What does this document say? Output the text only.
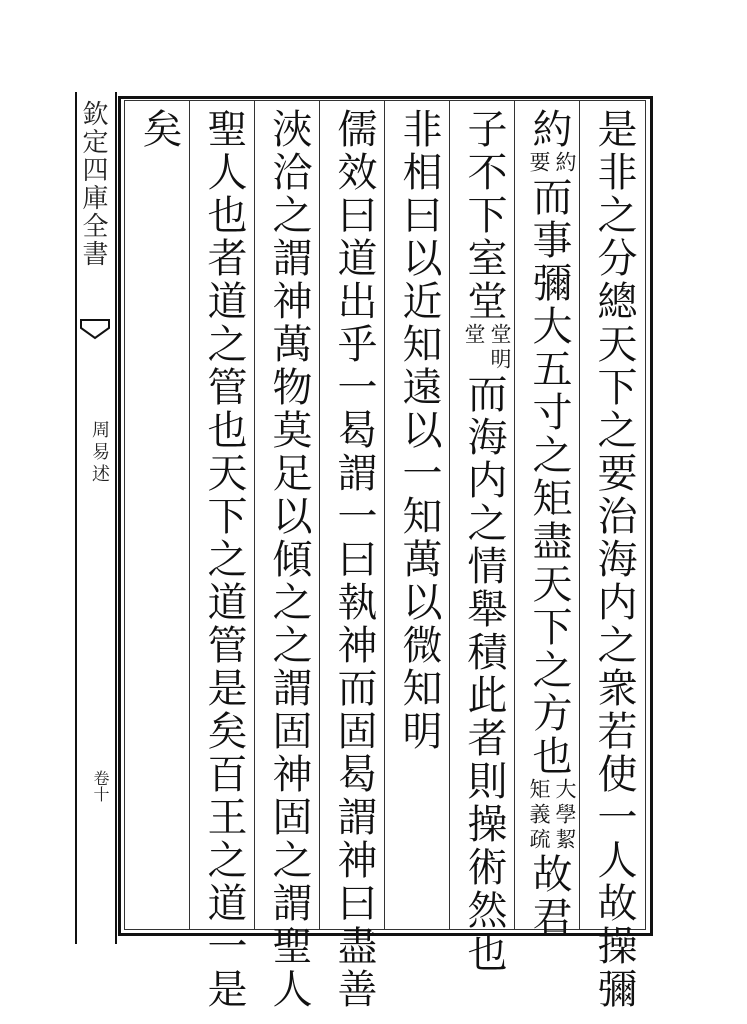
欽定四庫全書
周易述
卷十	是非之分總天下之要治海内之衆若使一人故操彌
約
約
要
而事彌大五寸之矩盡天下之方也
大學絜
矩義疏
故君
子不下室堂
堂明
堂
而海内之情舉積此者則操術然也
非相曰以近知遠以一知萬以微知明
儒效曰道出乎一曷謂一曰執神而固曷謂神曰盡善
浹洽之謂神萬物莫足以傾之之謂固神固之謂聖人
聖人也者道之管也天下之道管是矣百王之道一是
矣
